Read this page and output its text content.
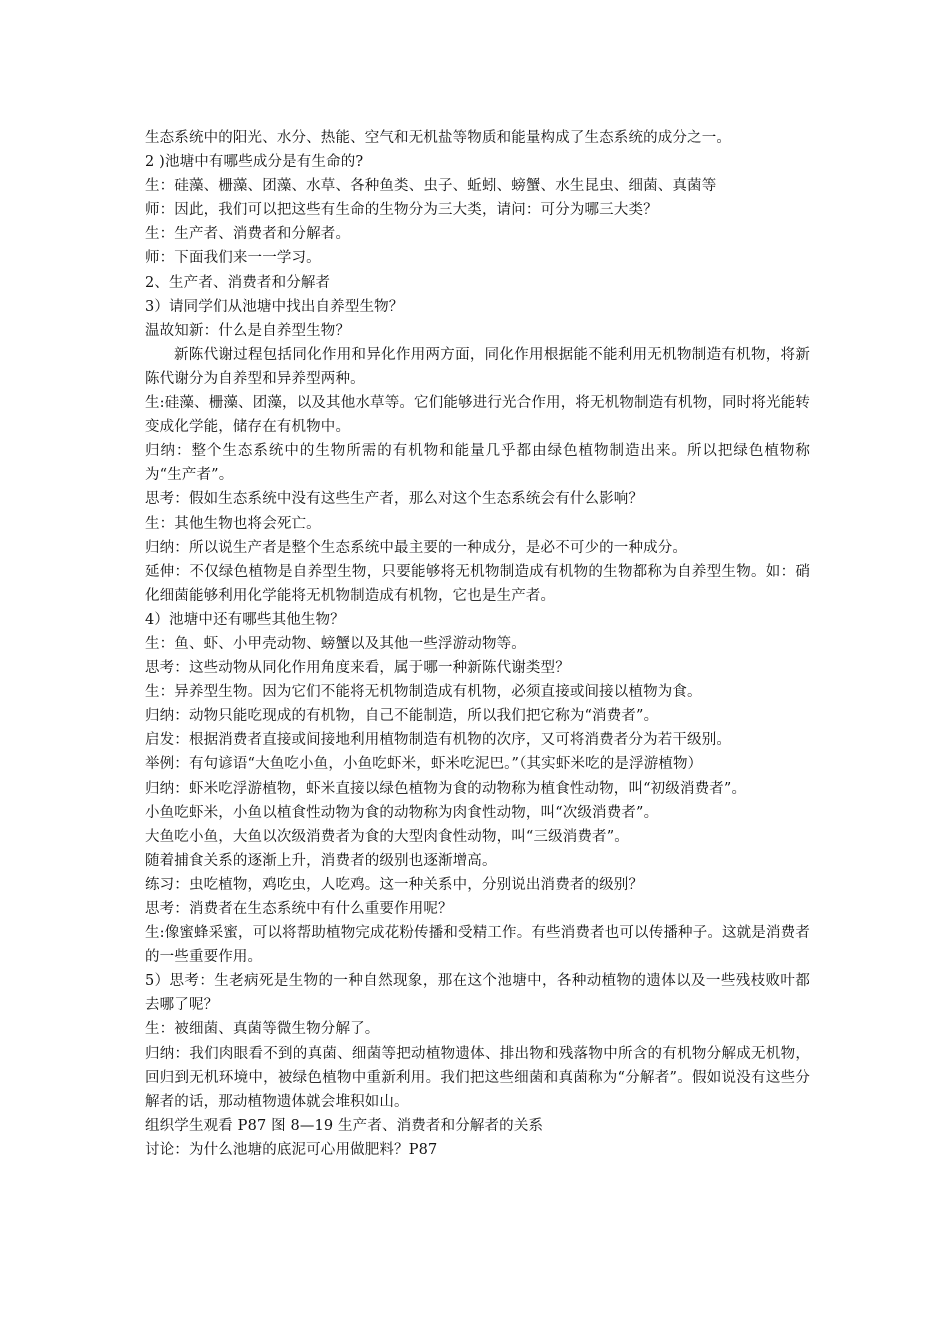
生态系统中的阳光、水分、热能、空气和无机盐等物质和能量构成了生态系统的成分之一。

2 )池塘中有哪些成分是有生命的?

生：硅藻、栅藻、团藻、水草、各种鱼类、虫子、蚯蚓、螃蟹、水生昆虫、细菌、真菌等

师：因此，我们可以把这些有生命的生物分为三大类，请问：可分为哪三大类？

生：生产者、消费者和分解者。

师：下面我们来一一学习。

2、生产者、消费者和分解者

3）请同学们从池塘中找出自养型生物？

温故知新：什么是自养型生物？

新陈代谢过程包括同化作用和异化作用两方面，同化作用根据能不能利用无机物制造有机物，将新陈代谢分为自养型和异养型两种。

生:硅藻、栅藻、团藻，以及其他水草等。它们能够进行光合作用，将无机物制造有机物，同时将光能转变成化学能，储存在有机物中。

归纳：整个生态系统中的生物所需的有机物和能量几乎都由绿色植物制造出来。所以把绿色植物称为“生产者”。

思考：假如生态系统中没有这些生产者，那么对这个生态系统会有什么影响？

生：其他生物也将会死亡。

归纳：所以说生产者是整个生态系统中最主要的一种成分，是必不可少的一种成分。

延伸：不仅绿色植物是自养型生物，只要能够将无机物制造成有机物的生物都称为自养型生物。如：硝化细菌能够利用化学能将无机物制造成有机物，它也是生产者。

4）池塘中还有哪些其他生物？

生：鱼、虾、小甲壳动物、螃蟹以及其他一些浮游动物等。

思考：这些动物从同化作用角度来看，属于哪一种新陈代谢类型？

生：异养型生物。因为它们不能将无机物制造成有机物，必须直接或间接以植物为食。

归纳：动物只能吃现成的有机物，自己不能制造，所以我们把它称为“消费者”。

启发：根据消费者直接或间接地利用植物制造有机物的次序，又可将消费者分为若干级别。

举例：有句谚语“大鱼吃小鱼，小鱼吃虾米，虾米吃泥巴。”（其实虾米吃的是浮游植物）

归纳：虾米吃浮游植物，虾米直接以绿色植物为食的动物称为植食性动物，叫“初级消费者”。

小鱼吃虾米，小鱼以植食性动物为食的动物称为肉食性动物，叫“次级消费者”。

大鱼吃小鱼，大鱼以次级消费者为食的大型肉食性动物，叫“三级消费者”。

随着捕食关系的逐渐上升，消费者的级别也逐渐增高。

练习：虫吃植物，鸡吃虫，人吃鸡。这一种关系中，分别说出消费者的级别？

思考：消费者在生态系统中有什么重要作用呢？

生:像蜜蜂采蜜，可以将帮助植物完成花粉传播和受精工作。有些消费者也可以传播种子。这就是消费者的一些重要作用。

5）思考：生老病死是生物的一种自然现象，那在这个池塘中，各种动植物的遗体以及一些残枝败叶都去哪了呢？

生：被细菌、真菌等微生物分解了。

归纳：我们肉眼看不到的真菌、细菌等把动植物遗体、排出物和残落物中所含的有机物分解成无机物，回归到无机环境中，被绿色植物中重新利用。我们把这些细菌和真菌称为“分解者”。假如说没有这些分解者的话，那动植物遗体就会堆积如山。

组织学生观看 P87 图 8—19 生产者、消费者和分解者的关系

讨论：为什么池塘的底泥可心用做肥料？P87
